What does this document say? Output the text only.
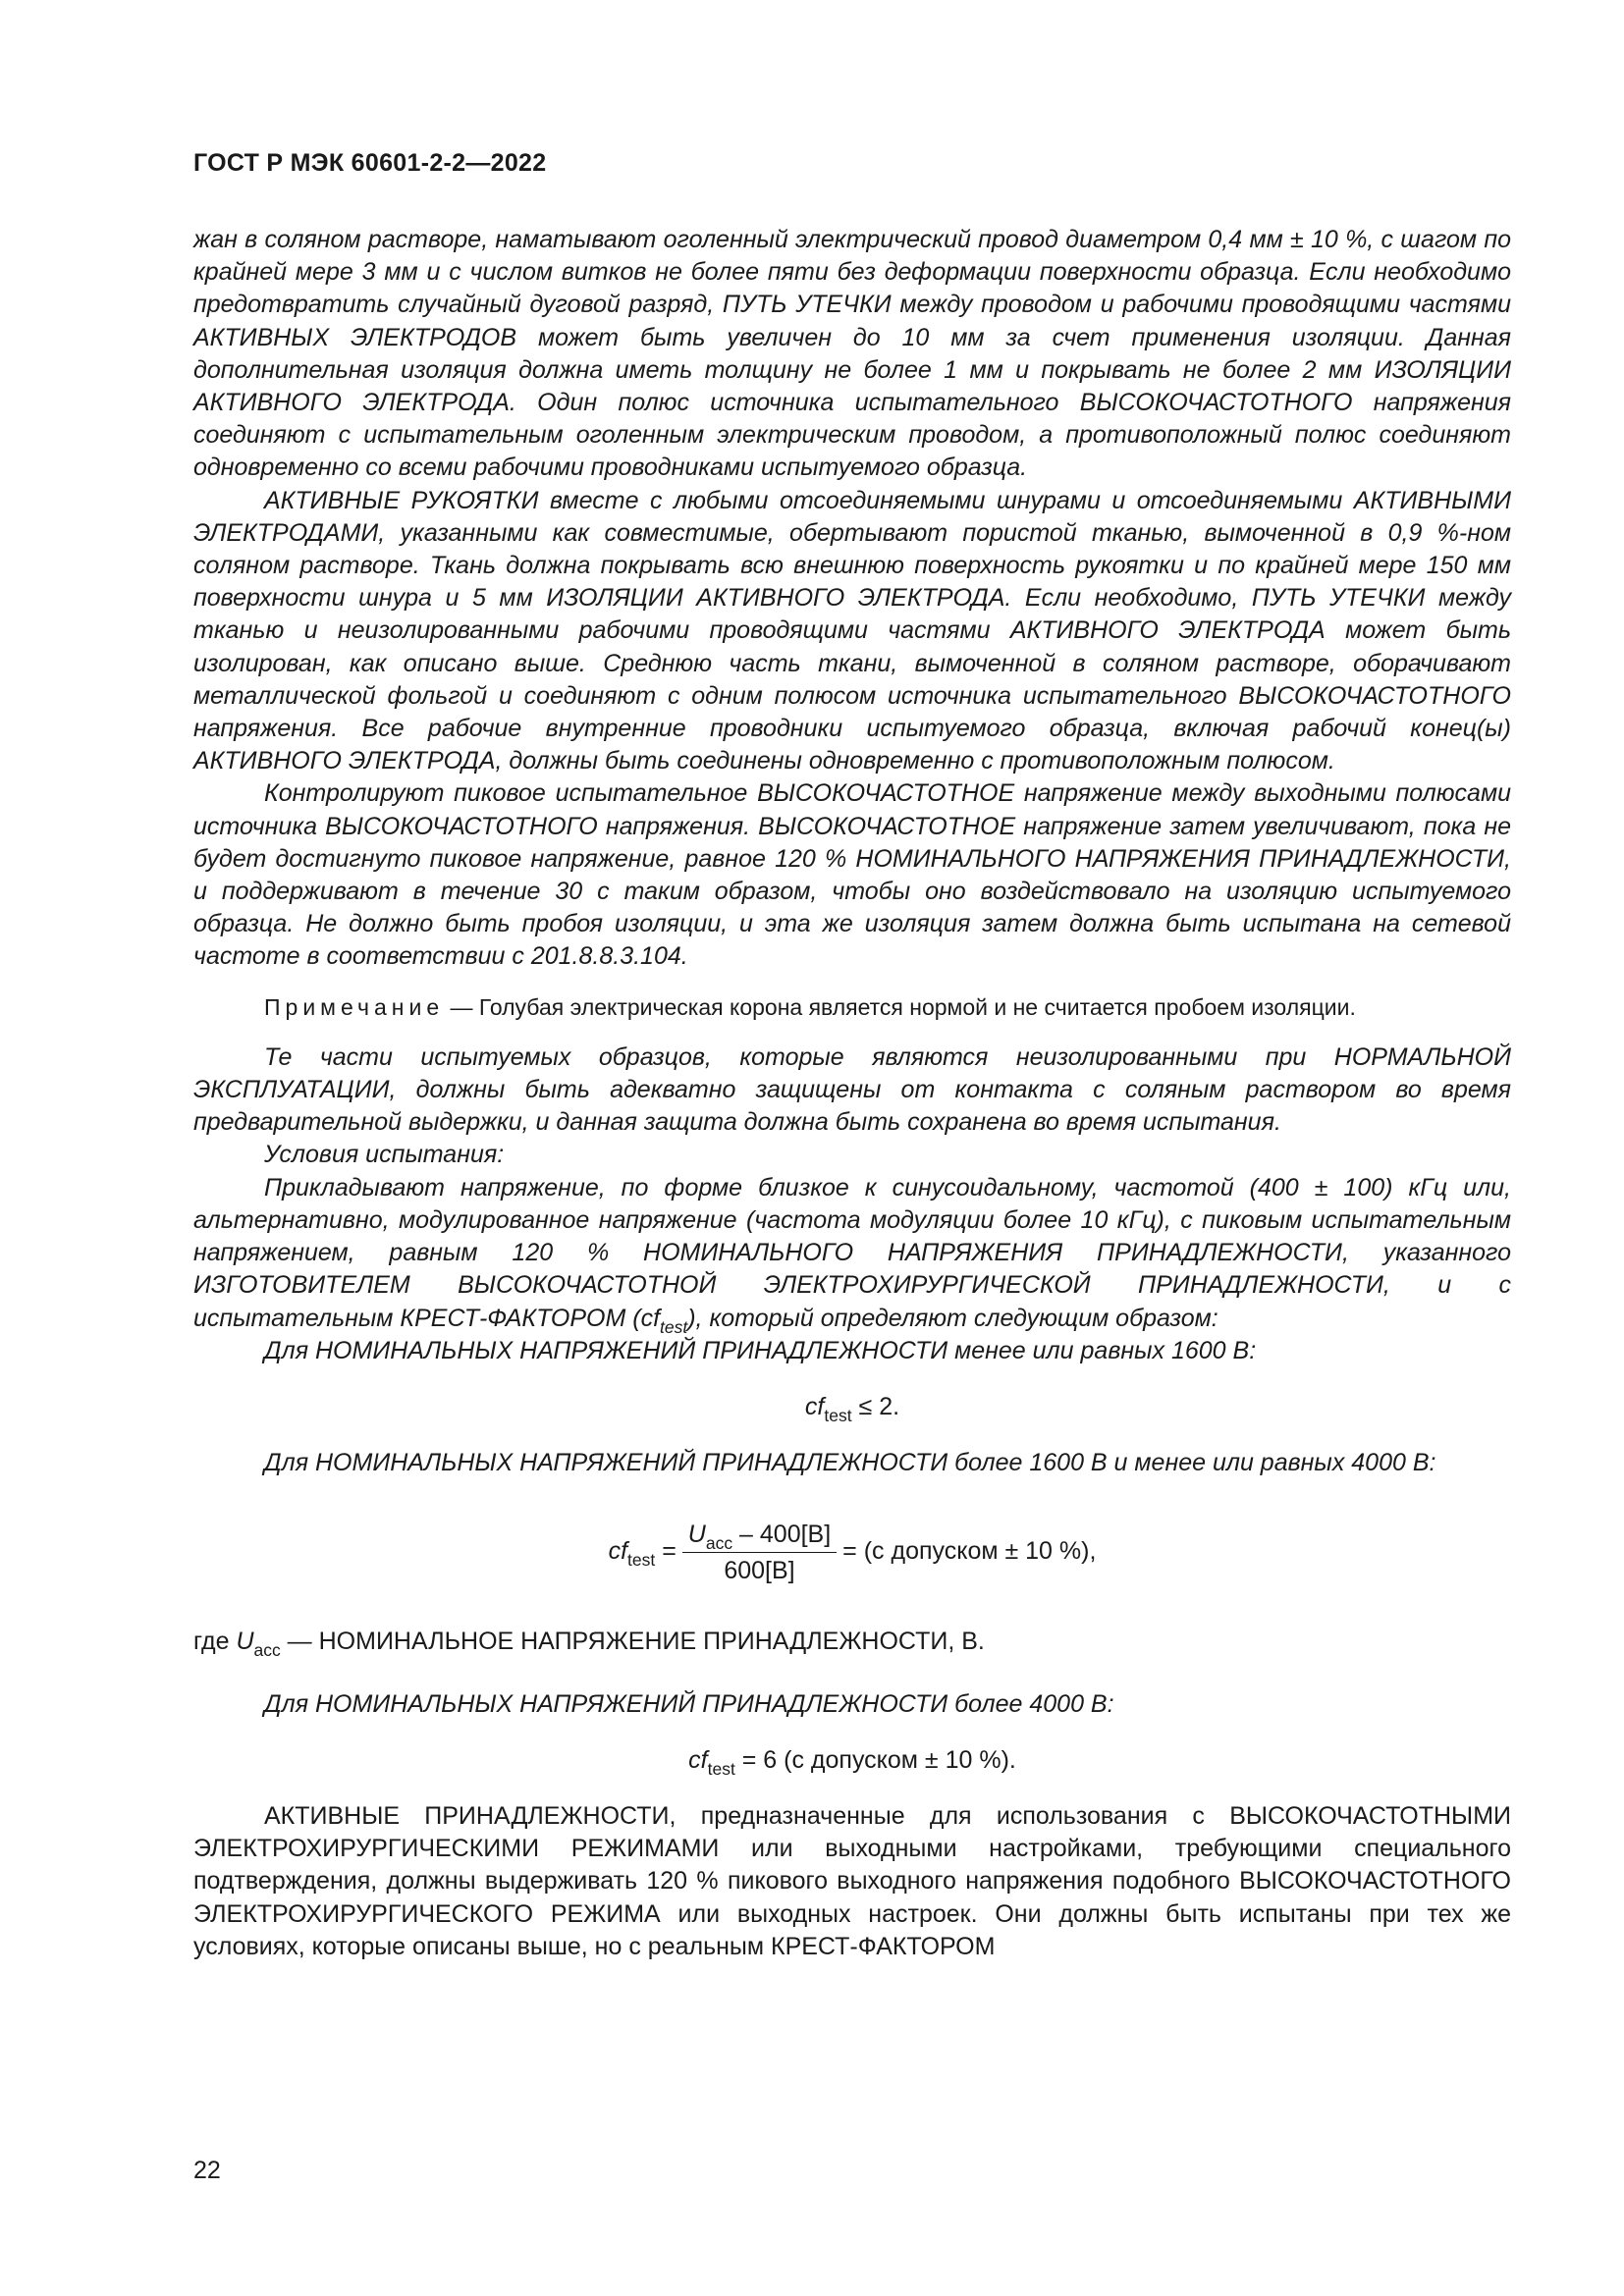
ГОСТ Р МЭК 60601-2-2—2022

жан в соляном растворе, наматывают оголенный электрический провод диаметром 0,4 мм ± 10 %, с шагом по крайней мере 3 мм и с числом витков не более пяти без деформации поверхности образца. Если необходимо предотвратить случайный дуговой разряд, ПУТЬ УТЕЧКИ между проводом и рабочими проводящими частями АКТИВНЫХ ЭЛЕКТРОДОВ может быть увеличен до 10 мм за счет применения изоляции. Данная дополнительная изоляция должна иметь толщину не более 1 мм и покрывать не более 2 мм ИЗОЛЯЦИИ АКТИВНОГО ЭЛЕКТРОДА. Один полюс источника испытательного ВЫСОКОЧАСТОТНОГО напряжения соединяют с испытательным оголенным электрическим проводом, а противоположный полюс соединяют одновременно со всеми рабочими проводниками испытуемого образца.

АКТИВНЫЕ РУКОЯТКИ вместе с любыми отсоединяемыми шнурами и отсоединяемыми АКТИВНЫМИ ЭЛЕКТРОДАМИ, указанными как совместимые, обертывают пористой тканью, вымоченной в 0,9 %-ном соляном растворе. Ткань должна покрывать всю внешнюю поверхность рукоятки и по крайней мере 150 мм поверхности шнура и 5 мм ИЗОЛЯЦИИ АКТИВНОГО ЭЛЕКТРОДА. Если необходимо, ПУТЬ УТЕЧКИ между тканью и неизолированными рабочими проводящими частями АКТИВНОГО ЭЛЕКТРОДА может быть изолирован, как описано выше. Среднюю часть ткани, вымоченной в соляном растворе, оборачивают металлической фольгой и соединяют с одним полюсом источника испытательного ВЫСОКОЧАСТОТНОГО напряжения. Все рабочие внутренние проводники испытуемого образца, включая рабочий конец(ы) АКТИВНОГО ЭЛЕКТРОДА, должны быть соединены одновременно с противоположным полюсом.

Контролируют пиковое испытательное ВЫСОКОЧАСТОТНОЕ напряжение между выходными полюсами источника ВЫСОКОЧАСТОТНОГО напряжения. ВЫСОКОЧАСТОТНОЕ напряжение затем увеличивают, пока не будет достигнуто пиковое напряжение, равное 120 % НОМИНАЛЬНОГО НАПРЯЖЕНИЯ ПРИНАДЛЕЖНОСТИ, и поддерживают в течение 30 с таким образом, чтобы оно воздействовало на изоляцию испытуемого образца. Не должно быть пробоя изоляции, и эта же изоляция затем должна быть испытана на сетевой частоте в соответствии с 201.8.8.3.104.

Примечание — Голубая электрическая корона является нормой и не считается пробоем изоляции.

Те части испытуемых образцов, которые являются неизолированными при НОРМАЛЬНОЙ ЭКСПЛУАТАЦИИ, должны быть адекватно защищены от контакта с соляным раствором во время предварительной выдержки, и данная защита должна быть сохранена во время испытания.

Условия испытания:

Прикладывают напряжение, по форме близкое к синусоидальному, частотой (400 ± 100) кГц или, альтернативно, модулированное напряжение (частота модуляции более 10 кГц), с пиковым испытательным напряжением, равным 120 % НОМИНАЛЬНОГО НАПРЯЖЕНИЯ ПРИНАДЛЕЖНОСТИ, указанного ИЗГОТОВИТЕЛЕМ ВЫСОКОЧАСТОТНОЙ ЭЛЕКТРОХИРУРГИЧЕСКОЙ ПРИНАДЛЕЖНОСТИ, и с испытательным КРЕСТ-ФАКТОРОМ $(cf_{test})$, который определяют следующим образом:

Для НОМИНАЛЬНЫХ НАПРЯЖЕНИЙ ПРИНАДЛЕЖНОСТИ менее или равных 1600 В:

$cf_{test} \le 2$.

Для НОМИНАЛЬНЫХ НАПРЯЖЕНИЙ ПРИНАДЛЕЖНОСТИ более 1600 В и менее или равных 4000 В:

$cf_{test} = \frac{U_{acc} - 400[В]}{600[В]} = (с$ допуском ± 10 %),

где $U_{acc}$ — НОМИНАЛЬНОЕ НАПРЯЖЕНИЕ ПРИНАДЛЕЖНОСТИ, В.

Для НОМИНАЛЬНЫХ НАПРЯЖЕНИЙ ПРИНАДЛЕЖНОСТИ более 4000 В:

$cf_{test} = 6$ (с допуском ± 10 %).

АКТИВНЫЕ ПРИНАДЛЕЖНОСТИ, предназначенные для использования с ВЫСОКОЧАСТОТНЫМИ ЭЛЕКТРОХИРУРГИЧЕСКИМИ РЕЖИМАМИ или выходными настройками, требующими специального подтверждения, должны выдерживать 120 % пикового выходного напряжения подобного ВЫСОКОЧАСТОТНОГО ЭЛЕКТРОХИРУРГИЧЕСКОГО РЕЖИМА или выходных настроек. Они должны быть испытаны при тех же условиях, которые описаны выше, но с реальным КРЕСТ-ФАКТОРОМ

22
